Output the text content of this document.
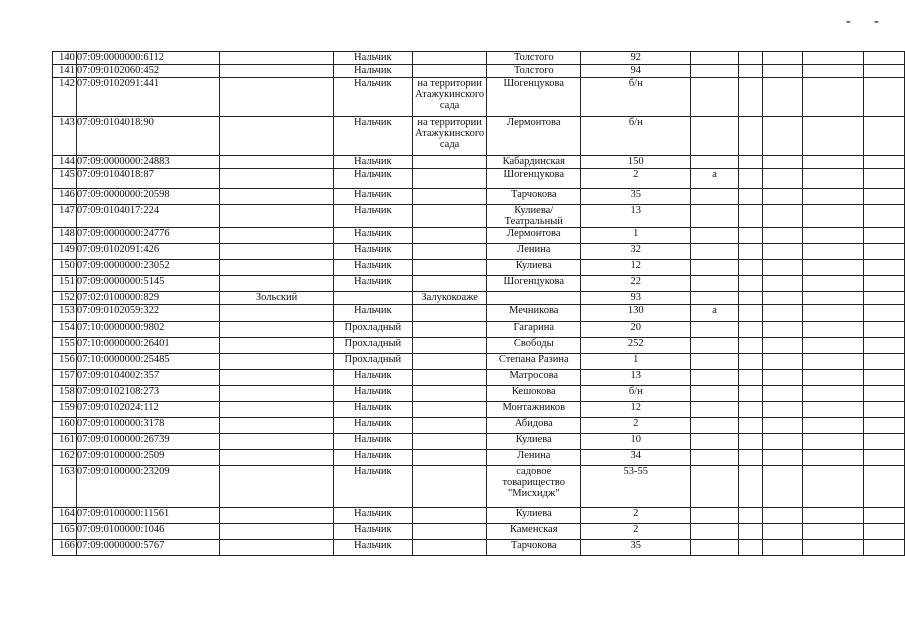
- -
140	07:09:0000000:6112		Нальчик		Толстого	92					
141	07:09:0102060:452		Нальчик		Толстого	94					
142	07:09:0102091:441		Нальчик	на территории Атажукинского сада	Шогенцукова	б/н					
143	07:09:0104018:90		Нальчик	на территории Атажукинского сада	Лермонтова	б/н					
144	07:09:0000000:24883		Нальчик		Кабардинская	150					
145	07:09:0104018:87		Нальчик		Шогенцукова	2	а				
146	07:09:0000000:20598		Нальчик		Тарчокова	35					
147	07:09:0104017:224		Нальчик		Кулиева/Театральный	13					
148	07:09:0000000:24776		Нальчик		Лермонтова	1					
149	07:09:0102091:426		Нальчик		Ленина	32					
150	07:09:0000000:23052		Нальчик		Кулиева	12					
151	07:09:0000000:5145		Нальчик		Шогенцукова	22					
152	07:02:0100000:829	Зольский		Залукокоаже		93					
153	07:09:0102059:322		Нальчик		Мечникова	130	а				
154	07:10:0000000:9802		Прохладный		Гагарина	20					
155	07:10:0000000:26401		Прохладный		Свободы	252					
156	07:10:0000000:25485		Прохладный		Степана Разина	1					
157	07:09:0104002:357		Нальчик		Матросова	13					
158	07:09:0102108:273		Нальчик		Кешокова	б/н					
159	07:09:0102024:112		Нальчик		Монтажников	12					
160	07:09:0100000:3178		Нальчик		Абидова	2					
161	07:09:0100000:26739		Нальчик		Кулиева	10					
162	07:09:0100000:2509		Нальчик		Ленина	34					
163	07:09:0100000:23209		Нальчик		садовое товарищество "Мисхидж"	53-55					
164	07:09:0100000:11561		Нальчик		Кулиева	2					
165	07:09:0100000:1046		Нальчик		Каменская	2					
166	07:09:0000000:5767		Нальчик		Тарчокова	35					
